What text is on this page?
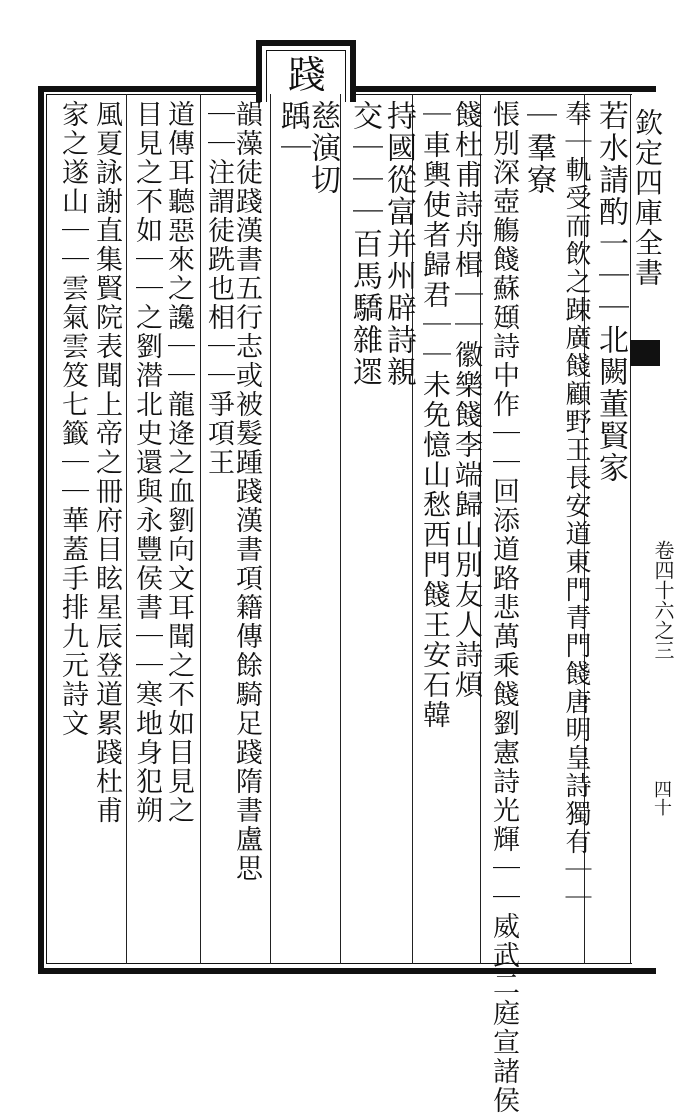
踐
若水請酌一｜｜北闕董賢家
奉｜軌受而飲之踈廣餞顧野王長安道東門青門餞唐明皇詩獨有｜｜
｜羣寮
悵別深壺觴餞蘇頲詩中作｜｜回添道路悲萬乘餞劉憲詩光輝｜｜威武二庭宣諸侯
餞杜甫詩舟楫｜｜徽樂餞李端歸山別友人詩煩
｜車輿使者歸君｜｜未免憶山愁西門餞王安石韓
持國從富并州辟詩親
交｜｜｜百馬驕雜遝
慈演切
踽｜
韻藻徒踐漢書五行志或被髮踵踐漢書項籍傳餘騎足踐隋書盧思
｜｜注謂徒跣也相｜｜爭項王
道傳耳聽惡來之讒｜｜龍逄之血劉向文耳聞之不如目見之
目見之不如｜｜之劉潜北史還與永豐侯書｜｜寒地身犯朔
風夏詠謝直集賢院表聞上帝之冊府目眩星辰登道累踐杜甫
家之遂山｜｜雲氣雲笈七籤｜｜華蓋手排九元詩文	欽定四庫全書
卷四十六之三
四十
